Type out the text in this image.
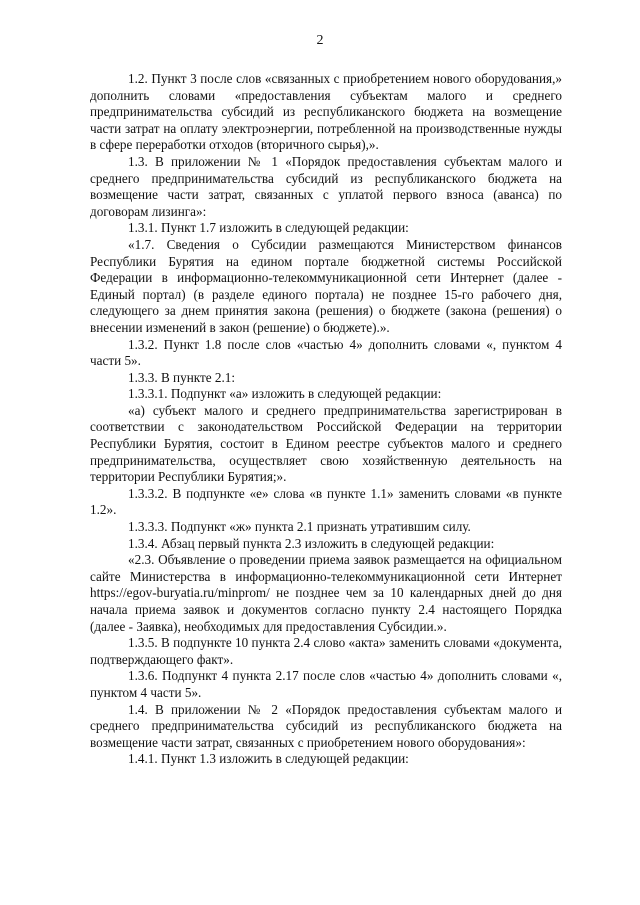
2

1.2. Пункт 3 после слов «связанных с приобретением нового оборудования,» дополнить словами «предоставления субъектам малого и среднего предпринимательства субсидий из республиканского бюджета на возмещение части затрат на оплату электроэнергии, потребленной на производственные нужды в сфере переработки отходов (вторичного сырья),».

1.3. В приложении № 1 «Порядок предоставления субъектам малого и среднего предпринимательства субсидий из республиканского бюджета на возмещение части затрат, связанных с уплатой первого взноса (аванса) по договорам лизинга»:

1.3.1. Пункт 1.7 изложить в следующей редакции:

«1.7. Сведения о Субсидии размещаются Министерством финансов Республики Бурятия на едином портале бюджетной системы Российской Федерации в информационно-телекоммуникационной сети Интернет (далее - Единый портал) (в разделе единого портала) не позднее 15-го рабочего дня, следующего за днем принятия закона (решения) о бюджете (закона (решения) о внесении изменений в закон (решение) о бюджете).».

1.3.2. Пункт 1.8 после слов «частью 4» дополнить словами «, пунктом 4 части 5».

1.3.3. В пункте 2.1:

1.3.3.1. Подпункт «а» изложить в следующей редакции:

«а) субъект малого и среднего предпринимательства зарегистрирован в соответствии с законодательством Российской Федерации на территории Республики Бурятия, состоит в Едином реестре субъектов малого и среднего предпринимательства, осуществляет свою хозяйственную деятельность на территории Республики Бурятия;».

1.3.3.2. В подпункте «е» слова «в пункте 1.1» заменить словами «в пункте 1.2».

1.3.3.3. Подпункт «ж» пункта 2.1 признать утратившим силу.

1.3.4. Абзац первый пункта 2.3 изложить в следующей редакции:

«2.3. Объявление о проведении приема заявок размещается на официальном сайте Министерства в информационно-телекоммуникационной сети Интернет https://egov-buryatia.ru/minprom/ не позднее чем за 10 календарных дней до дня начала приема заявок и документов согласно пункту 2.4 настоящего Порядка (далее - Заявка), необходимых для предоставления Субсидии.».

1.3.5. В подпункте 10 пункта 2.4 слово «акта» заменить словами «документа, подтверждающего факт».

1.3.6. Подпункт 4 пункта 2.17 после слов «частью 4» дополнить словами «, пунктом 4 части 5».

1.4. В приложении № 2 «Порядок предоставления субъектам малого и среднего предпринимательства субсидий из республиканского бюджета на возмещение части затрат, связанных с приобретением нового оборудования»:

1.4.1. Пункт 1.3 изложить в следующей редакции:
